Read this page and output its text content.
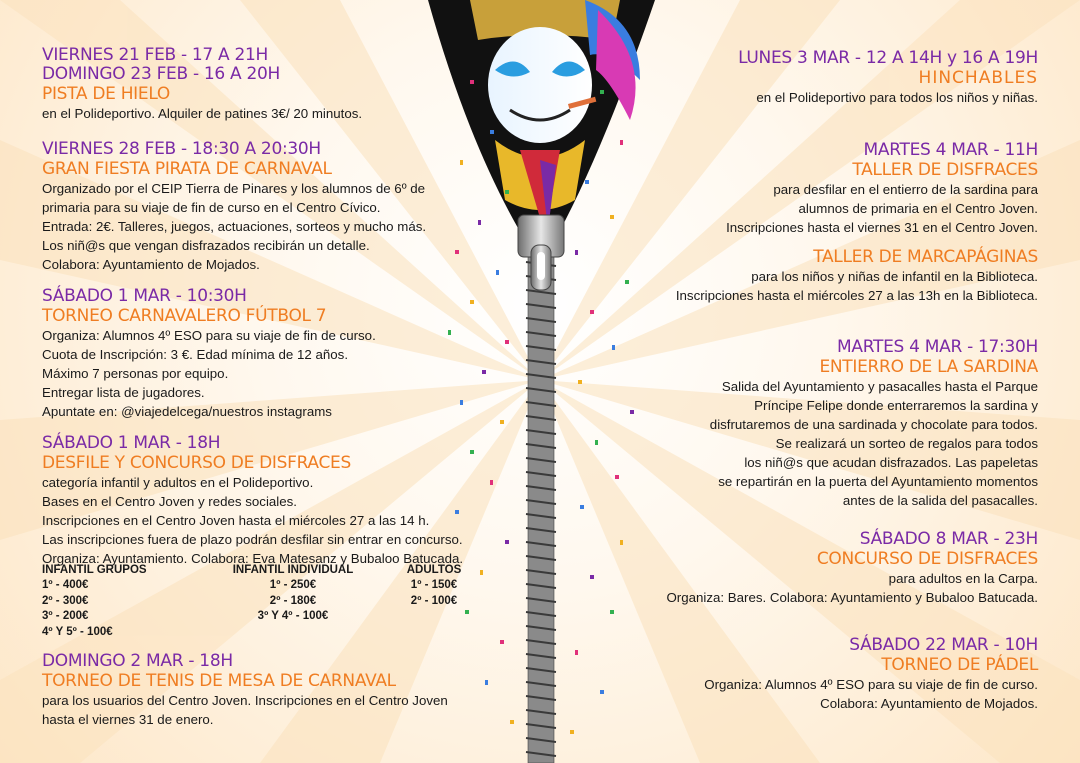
VIERNES 21 FEB - 17 A 21H
DOMINGO 23 FEB - 16 A 20H
PISTA DE HIELO
en el Polideportivo. Alquiler de patines 3€/ 20 minutos.
VIERNES 28 FEB - 18:30 A 20:30H
GRAN FIESTA PIRATA DE CARNAVAL
Organizado por el CEIP Tierra de Pinares y los alumnos de 6º de
primaria para su viaje de fin de curso en el Centro Cívico.
Entrada: 2€. Talleres, juegos, actuaciones, sorteos y mucho más.
Los niñ@s que vengan disfrazados recibirán un detalle.
Colabora: Ayuntamiento de Mojados.
SÁBADO 1 MAR - 10:30H
TORNEO CARNAVALERO FÚTBOL 7
Organiza: Alumnos 4º ESO para su viaje de fin de curso.
Cuota de Inscripción: 3 €. Edad mínima de 12 años.
Máximo 7 personas por equipo.
Entregar lista de jugadores.
Apuntate en: @viajedelcega/nuestros instagrams
SÁBADO 1 MAR - 18H
DESFILE Y CONCURSO DE DISFRACES
categoría infantil y adultos en el Polideportivo.
Bases en el Centro Joven y redes sociales.
Inscripciones en el Centro Joven hasta el miércoles 27 a las 14 h.
Las inscripciones fuera de plazo podrán desfilar sin entrar en concurso.
Organiza: Ayuntamiento. Colabora: Eva Matesanz y Bubaloo Batucada.
INFANTIL GRUPOS
1º - 400€
2º - 300€
3º - 200€
4º Y 5º - 100€
INFANTIL INDIVIDUAL
1º - 250€
2º - 180€
3º Y 4º - 100€
ADULTOS
1º - 150€
2º - 100€
DOMINGO 2 MAR - 18H
TORNEO DE TENIS DE MESA DE CARNAVAL
para los usuarios del Centro Joven. Inscripciones en el Centro Joven
hasta el viernes 31 de enero.
LUNES 3 MAR - 12 A 14H y 16 A 19H
HINCHABLES
en el Polideportivo para todos los niños y niñas.
MARTES 4 MAR - 11H
TALLER DE DISFRACES
para desfilar en el entierro de la sardina para
alumnos de primaria en el Centro Joven.
Inscripciones hasta el viernes 31 en el Centro Joven.
TALLER DE MARCAPÁGINAS
para los niños y niñas de infantil en la Biblioteca.
Inscripciones hasta el miércoles 27 a las 13h en la Biblioteca.
MARTES 4 MAR - 17:30H
ENTIERRO DE LA SARDINA
Salida del Ayuntamiento y pasacalles hasta el Parque
Príncipe Felipe donde enterraremos la sardina y
disfrutaremos de una sardinada y chocolate para todos.
Se realizará un sorteo de regalos para todos
los niñ@s que acudan disfrazados. Las papeletas
se repartirán en la puerta del Ayuntamiento momentos
antes de la salida del pasacalles.
SÁBADO 8 MAR - 23H
CONCURSO DE DISFRACES
para adultos en la Carpa.
Organiza: Bares. Colabora: Ayuntamiento y Bubaloo Batucada.
SÁBADO 22 MAR - 10H
TORNEO DE PÁDEL
Organiza: Alumnos 4º ESO para su viaje de fin de curso.
Colabora: Ayuntamiento de Mojados.
